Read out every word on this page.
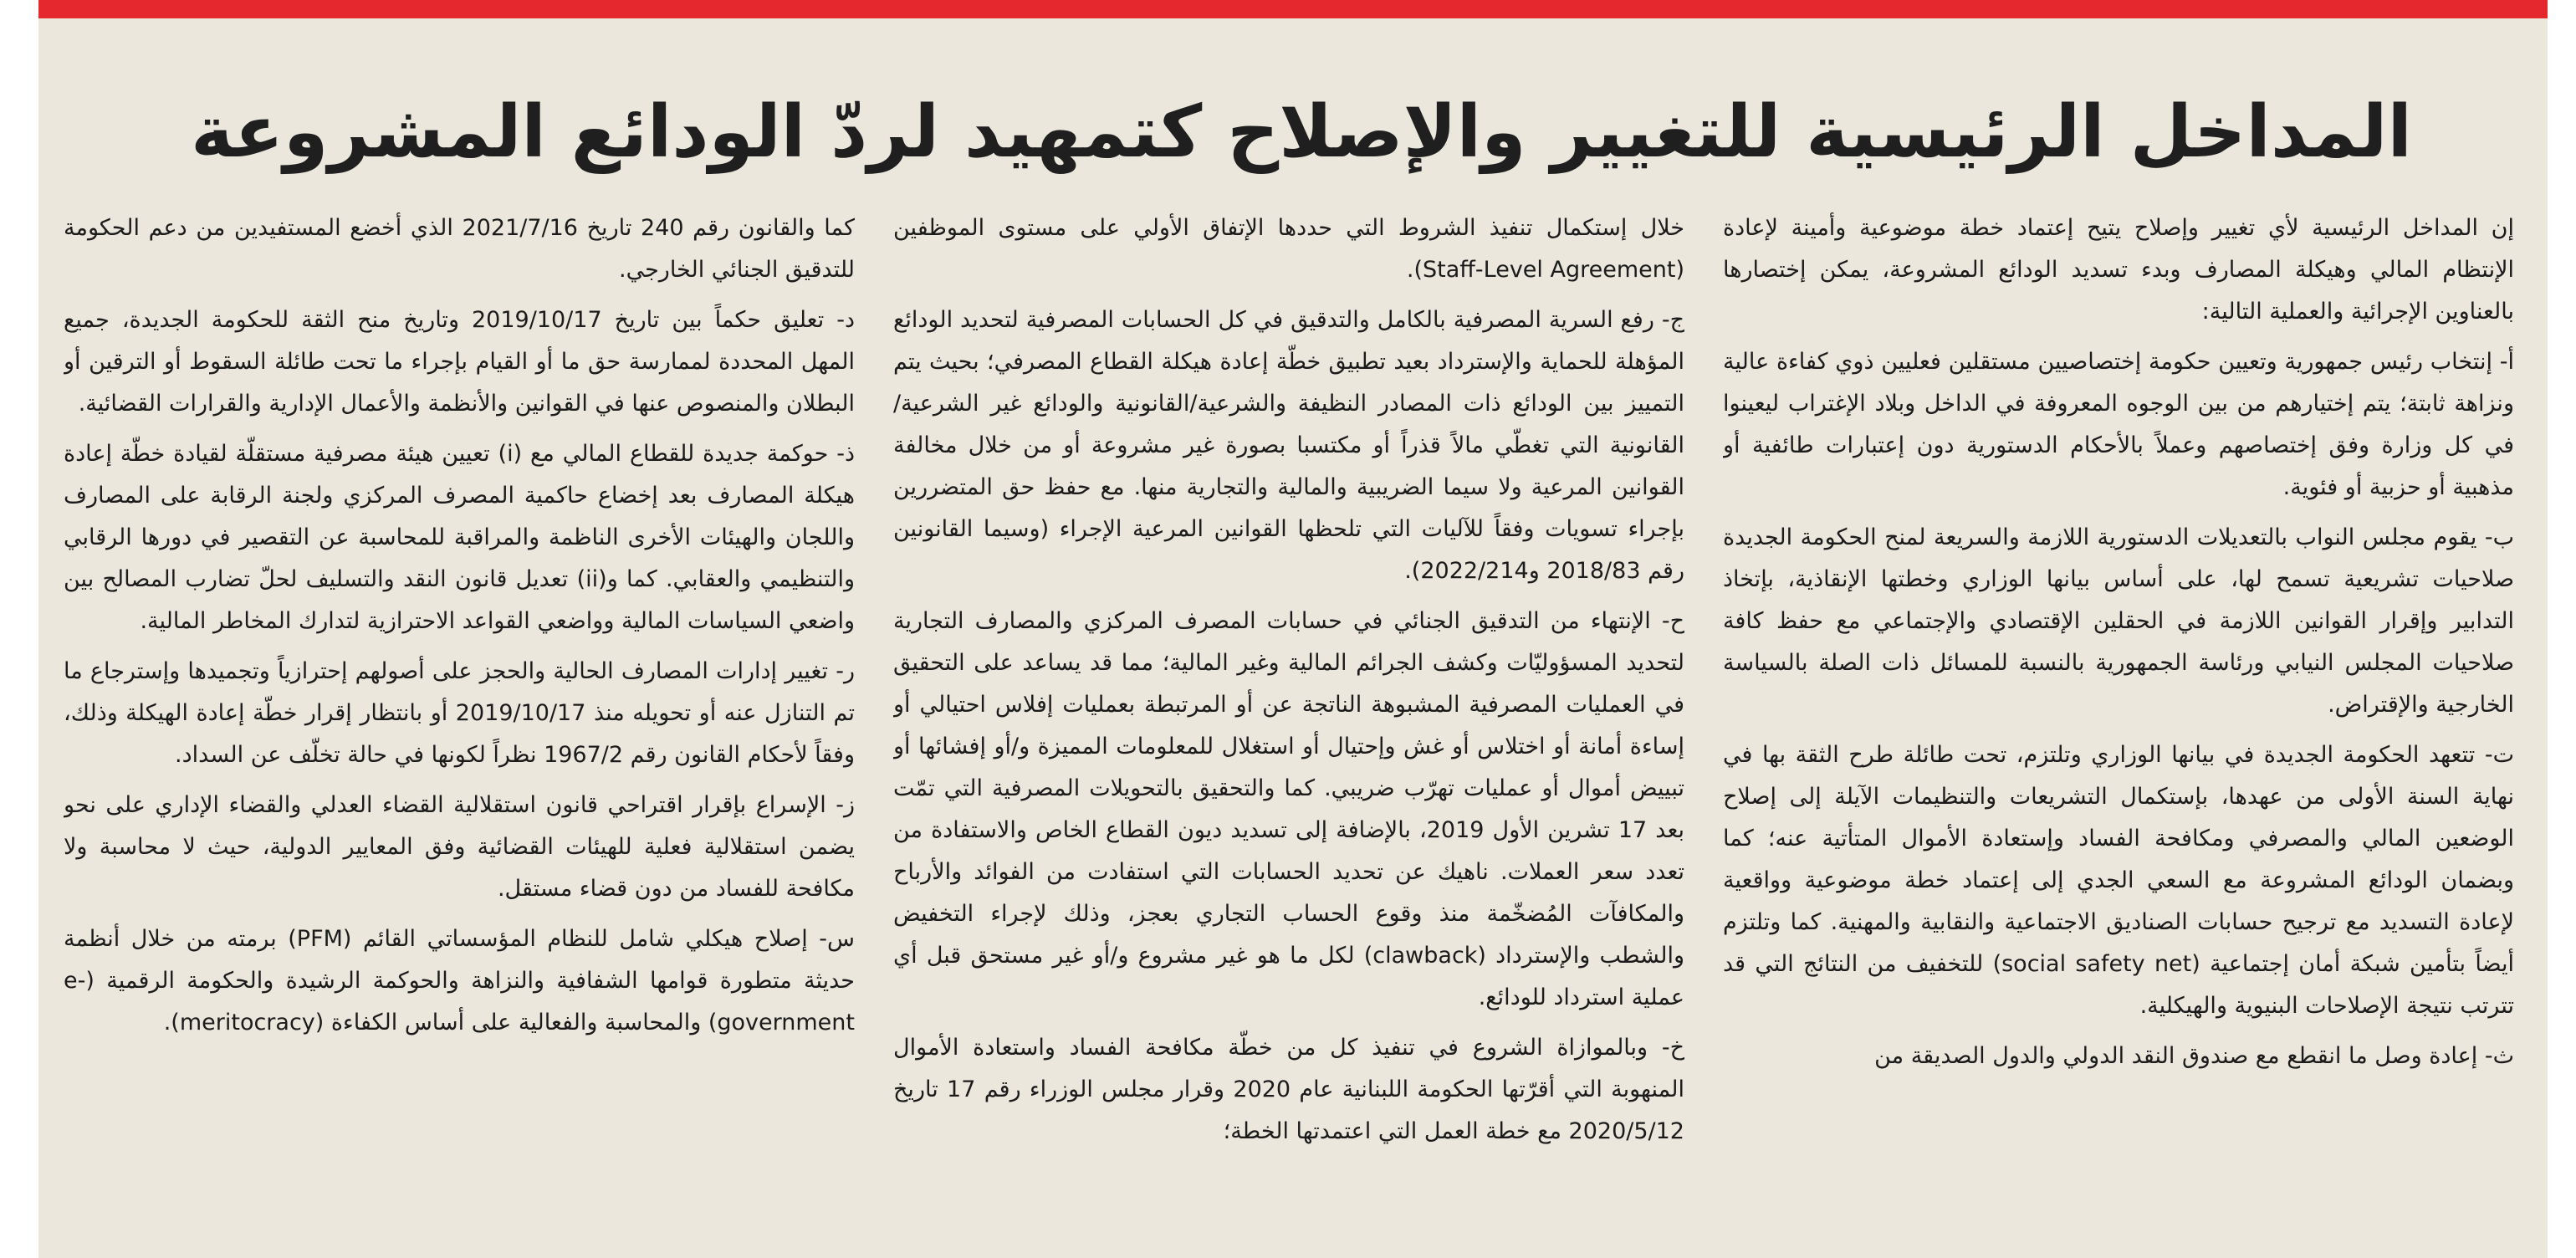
المداخل الرئيسية للتغيير والإصلاح كتمهيد لردّ الودائع المشروعة

إن المداخل الرئيسية لأي تغيير وإصلاح يتيح إعتماد خطة موضوعية وأمينة لإعادة الإنتظام المالي وهيكلة المصارف وبدء تسديد الودائع المشروعة، يمكن إختصارها بالعناوين الإجرائية والعملية التالية:

أ- إنتخاب رئيس جمهورية وتعيين حكومة إختصاصيين مستقلين فعليين ذوي كفاءة عالية ونزاهة ثابتة؛ يتم إختيارهم من بين الوجوه المعروفة في الداخل وبلاد الإغتراب ليعينوا في كل وزارة وفق إختصاصهم وعملاً بالأحكام الدستورية دون إعتبارات طائفية أو مذهبية أو حزبية أو فئوية.

ب- يقوم مجلس النواب بالتعديلات الدستورية اللازمة والسريعة لمنح الحكومة الجديدة صلاحيات تشريعية تسمح لها، على أساس بيانها الوزاري وخطتها الإنقاذية، بإتخاذ التدابير وإقرار القوانين اللازمة في الحقلين الإقتصادي والإجتماعي مع حفظ كافة صلاحيات المجلس النيابي ورئاسة الجمهورية بالنسبة للمسائل ذات الصلة بالسياسة الخارجية والإقتراض.

ت- تتعهد الحكومة الجديدة في بيانها الوزاري وتلتزم، تحت طائلة طرح الثقة بها في نهاية السنة الأولى من عهدها، بإستكمال التشريعات والتنظيمات الآيلة إلى إصلاح الوضعين المالي والمصرفي ومكافحة الفساد وإستعادة الأموال المتأتية عنه؛ كما وبضمان الودائع المشروعة مع السعي الجدي إلى إعتماد خطة موضوعية وواقعية لإعادة التسديد مع ترجيح حسابات الصناديق الاجتماعية والنقابية والمهنية. كما وتلتزم أيضاً بتأمين شبكة أمان إجتماعية (social safety net) للتخفيف من النتائج التي قد تترتب نتيجة الإصلاحات البنيوية والهيكلية.

ث- إعادة وصل ما انقطع مع صندوق النقد الدولي والدول الصديقة من

خلال إستكمال تنفيذ الشروط التي حددها الإتفاق الأولي على مستوى الموظفين (Staff-Level Agreement).

ج- رفع السرية المصرفية بالكامل والتدقيق في كل الحسابات المصرفية لتحديد الودائع المؤهلة للحماية والإسترداد بعيد تطبيق خطّة إعادة هيكلة القطاع المصرفي؛ بحيث يتم التمييز بين الودائع ذات المصادر النظيفة والشرعية/القانونية والودائع غير الشرعية/القانونية التي تغطّي مالاً قذراً أو مكتسبا بصورة غير مشروعة أو من خلال مخالفة القوانين المرعية ولا سيما الضريبية والمالية والتجارية منها. مع حفظ حق المتضررين بإجراء تسويات وفقاً للآليات التي تلحظها القوانين المرعية الإجراء (وسيما القانونين رقم 2018/83 و2022/214).

ح- الإنتهاء من التدقيق الجنائي في حسابات المصرف المركزي والمصارف التجارية لتحديد المسؤوليّات وكشف الجرائم المالية وغير المالية؛ مما قد يساعد على التحقيق في العمليات المصرفية المشبوهة الناتجة عن أو المرتبطة بعمليات إفلاس احتيالي أو إساءة أمانة أو اختلاس أو غش وإحتيال أو استغلال للمعلومات المميزة و/أو إفشائها أو تبييض أموال أو عمليات تهرّب ضريبي. كما والتحقيق بالتحويلات المصرفية التي تمّت بعد 17 تشرين الأول 2019، بالإضافة إلى تسديد ديون القطاع الخاص والاستفادة من تعدد سعر العملات. ناهيك عن تحديد الحسابات التي استفادت من الفوائد والأرباح والمكافآت المُضخّمة منذ وقوع الحساب التجاري بعجز، وذلك لإجراء التخفيض والشطب والإسترداد (clawback) لكل ما هو غير مشروع و/أو غير مستحق قبل أي عملية استرداد للودائع.

خ- وبالموازاة الشروع في تنفيذ كل من خطّة مكافحة الفساد واستعادة الأموال المنهوبة التي أقرّتها الحكومة اللبنانية عام 2020 وقرار مجلس الوزراء رقم 17 تاريخ 2020/5/12 مع خطة العمل التي اعتمدتها الخطة؛

كما والقانون رقم 240 تاريخ 2021/7/16 الذي أخضع المستفيدين من دعم الحكومة للتدقيق الجنائي الخارجي.

د- تعليق حكماً بين تاريخ 2019/10/17 وتاريخ منح الثقة للحكومة الجديدة، جميع المهل المحددة لممارسة حق ما أو القيام بإجراء ما تحت طائلة السقوط أو الترقين أو البطلان والمنصوص عنها في القوانين والأنظمة والأعمال الإدارية والقرارات القضائية.

ذ- حوكمة جديدة للقطاع المالي مع (i) تعيين هيئة مصرفية مستقلّة لقيادة خطّة إعادة هيكلة المصارف بعد إخضاع حاكمية المصرف المركزي ولجنة الرقابة على المصارف واللجان والهيئات الأخرى الناظمة والمراقبة للمحاسبة عن التقصير في دورها الرقابي والتنظيمي والعقابي. كما و(ii) تعديل قانون النقد والتسليف لحلّ تضارب المصالح بين واضعي السياسات المالية وواضعي القواعد الاحترازية لتدارك المخاطر المالية.

ر- تغيير إدارات المصارف الحالية والحجز على أصولهم إحترازياً وتجميدها وإسترجاع ما تم التنازل عنه أو تحويله منذ 2019/10/17 أو بانتظار إقرار خطّة إعادة الهيكلة وذلك، وفقاً لأحكام القانون رقم 1967/2 نظراً لكونها في حالة تخلّف عن السداد.

ز- الإسراع بإقرار اقتراحي قانون استقلالية القضاء العدلي والقضاء الإداري على نحو يضمن استقلالية فعلية للهيئات القضائية وفق المعايير الدولية، حيث لا محاسبة ولا مكافحة للفساد من دون قضاء مستقل.

س- إصلاح هيكلي شامل للنظام المؤسساتي القائم (PFM) برمته من خلال أنظمة حديثة متطورة قوامها الشفافية والنزاهة والحوكمة الرشيدة والحكومة الرقمية (e-government) والمحاسبة والفعالية على أساس الكفاءة (meritocracy).
